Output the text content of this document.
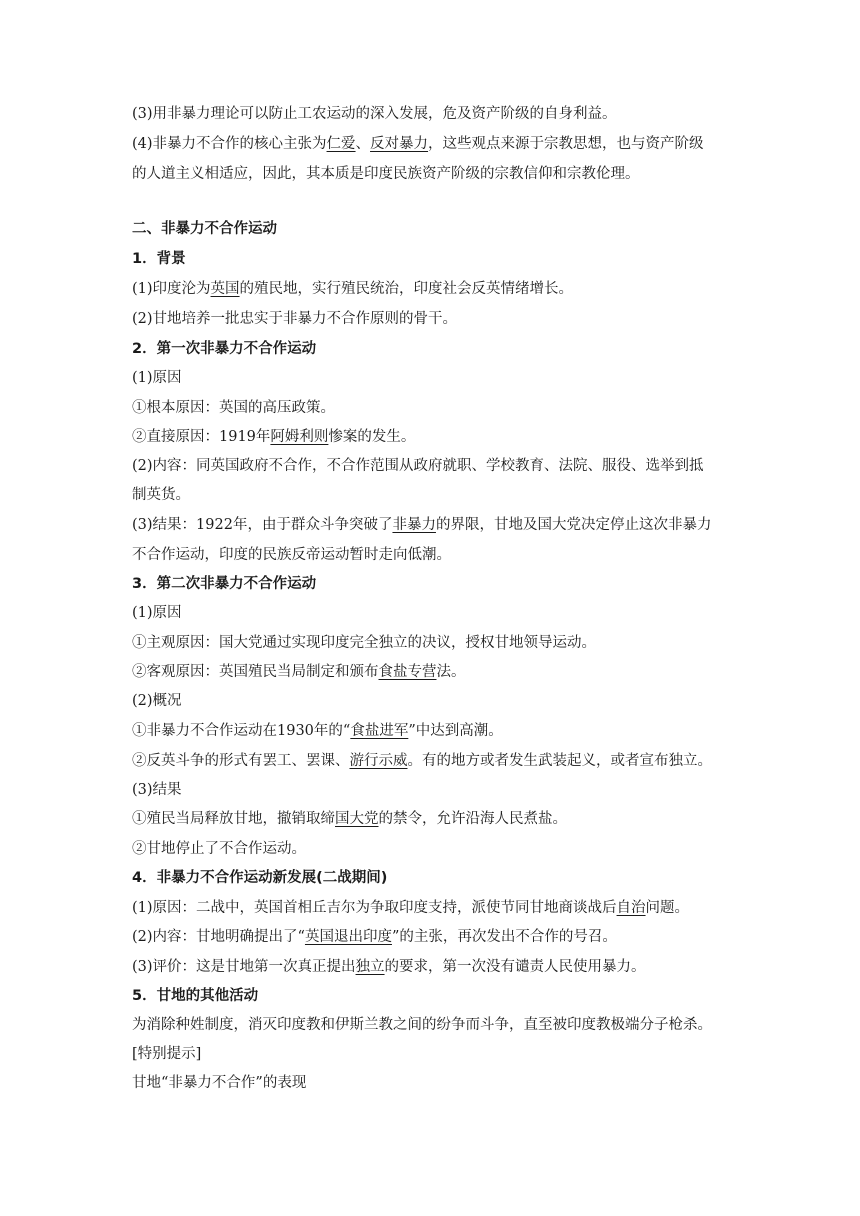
(3)用非暴力理论可以防止工农运动的深入发展，危及资产阶级的自身利益。
(4)非暴力不合作的核心主张为仁爱、反对暴力，这些观点来源于宗教思想，也与资产阶级
的人道主义相适应，因此，其本质是印度民族资产阶级的宗教信仰和宗教伦理。
二、非暴力不合作运动
1．背景
(1)印度沦为英国的殖民地，实行殖民统治，印度社会反英情绪增长。
(2)甘地培养一批忠实于非暴力不合作原则的骨干。
2．第一次非暴力不合作运动
(1)原因
①根本原因：英国的高压政策。
②直接原因：1919年阿姆利则惨案的发生。
(2)内容：同英国政府不合作，不合作范围从政府就职、学校教育、法院、服役、选举到抵
制英货。
(3)结果：1922年，由于群众斗争突破了非暴力的界限，甘地及国大党决定停止这次非暴力
不合作运动，印度的民族反帝运动暂时走向低潮。
3．第二次非暴力不合作运动
(1)原因
①主观原因：国大党通过实现印度完全独立的决议，授权甘地领导运动。
②客观原因：英国殖民当局制定和颁布食盐专营法。
(2)概况
①非暴力不合作运动在1930年的“食盐进军”中达到高潮。
②反英斗争的形式有罢工、罢课、游行示威。有的地方或者发生武装起义，或者宣布独立。
(3)结果
①殖民当局释放甘地，撤销取缔国大党的禁令，允许沿海人民煮盐。
②甘地停止了不合作运动。
4．非暴力不合作运动新发展(二战期间)
(1)原因：二战中，英国首相丘吉尔为争取印度支持，派使节同甘地商谈战后自治问题。
(2)内容：甘地明确提出了“英国退出印度”的主张，再次发出不合作的号召。
(3)评价：这是甘地第一次真正提出独立的要求，第一次没有谴责人民使用暴力。
5．甘地的其他活动
为消除种姓制度，消灭印度教和伊斯兰教之间的纷争而斗争，直至被印度教极端分子枪杀。
[特别提示]
甘地“非暴力不合作”的表现
